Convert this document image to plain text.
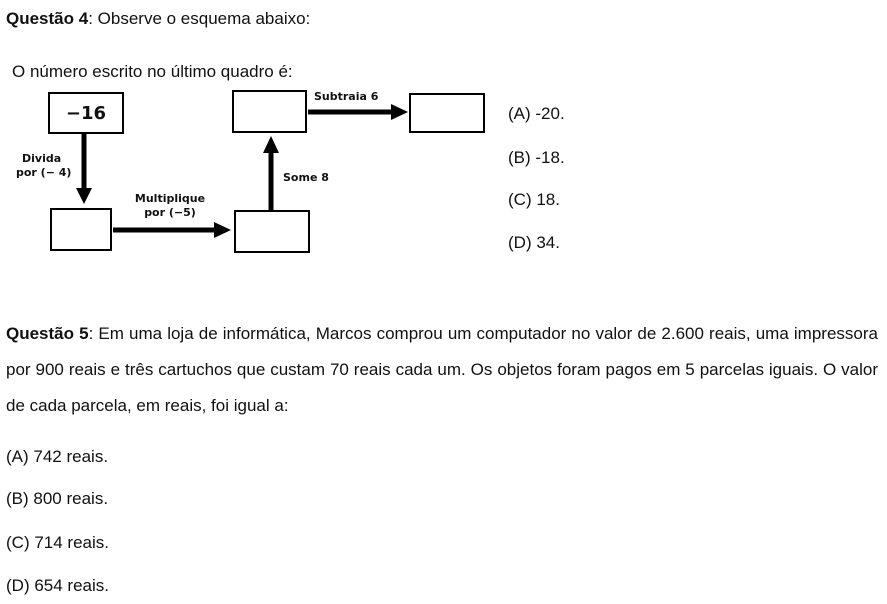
Questão 4: Observe o esquema abaixo:
O número escrito no último quadro é:
−16
Divida
por (− 4)
Multiplique
por (−5)
Some 8
Subtraia 6
(A) -20.
(B) -18.
(C) 18.
(D) 34.
Questão 5: Em uma loja de informática, Marcos comprou um computador no valor de 2.600 reais, uma impressora por 900 reais e três cartuchos que custam 70 reais cada um. Os objetos foram pagos em 5 parcelas iguais. O valor de cada parcela, em reais, foi igual a:
(A) 742 reais.
(B) 800 reais.
(C) 714 reais.
(D) 654 reais.
